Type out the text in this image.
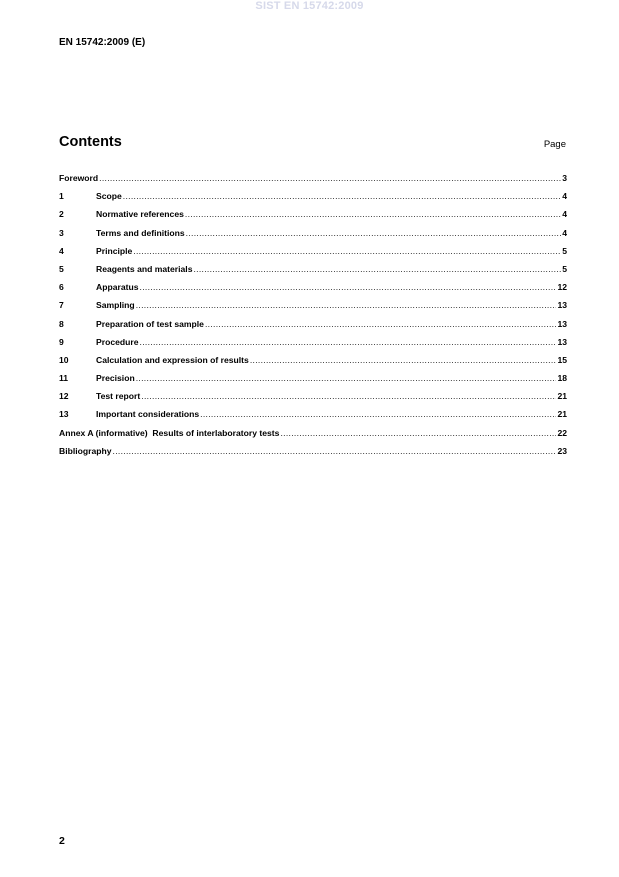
SIST EN 15742:2009
EN 15742:2009 (E)
Contents	Page
Foreword .....	3
1	Scope .....	4
2	Normative references .....	4
3	Terms and definitions .....	4
4	Principle .....	5
5	Reagents and materials .....	5
6	Apparatus .....	12
7	Sampling .....	13
8	Preparation of test sample .....	13
9	Procedure .....	13
10	Calculation and expression of results .....	15
11	Precision .....	18
12	Test report .....	21
13	Important considerations .....	21
Annex A (informative)  Results of interlaboratory tests .....	22
Bibliography .....	23
2
